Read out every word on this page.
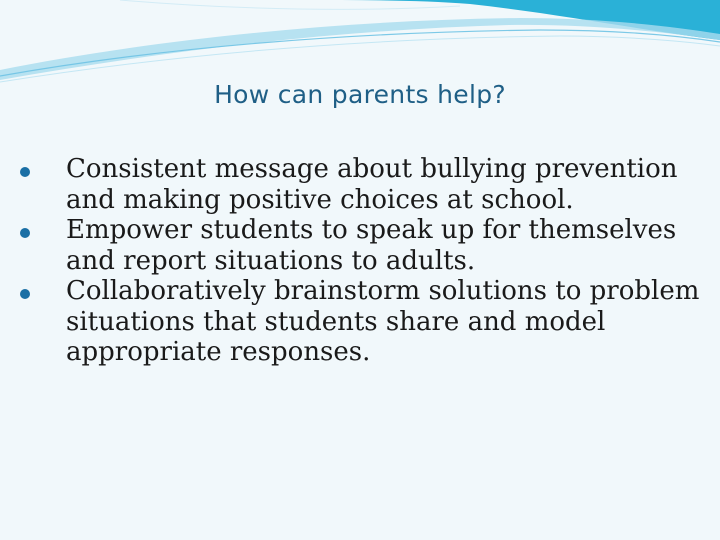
How can parents help?
Consistent message about bullying prevention and making positive choices at school.
Empower students to speak up for themselves and report situations to adults.
Collaboratively brainstorm solutions to problem situations that students share and model appropriate responses.
